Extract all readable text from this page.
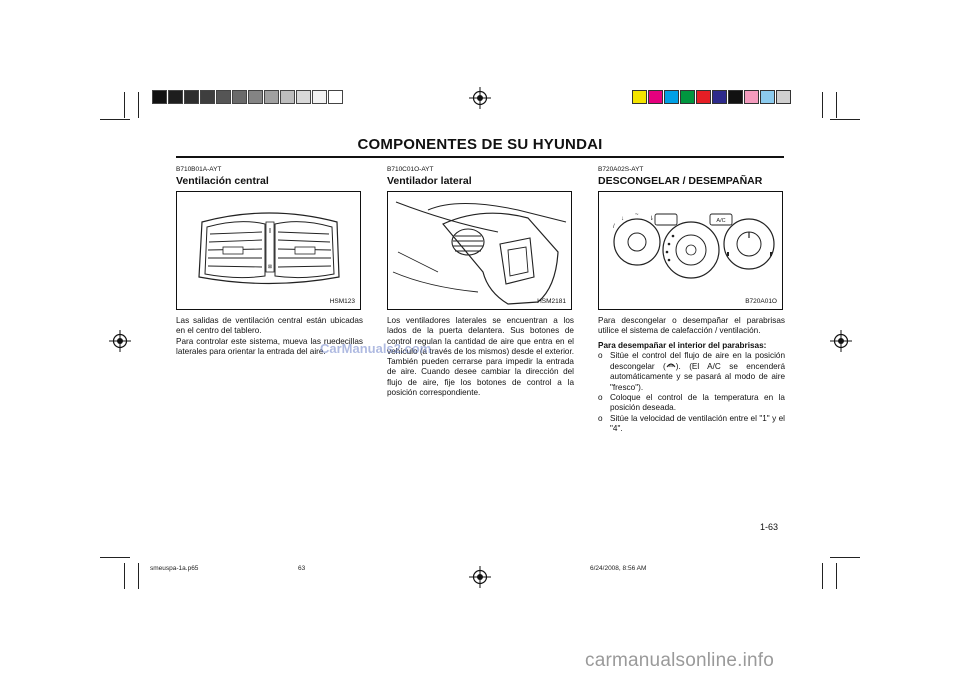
COMPONENTES DE SU HYUNDAI
B710B01A-AYT
Ventilación central
||
⊠
HSM123

Las salidas de ventilación central están ubicadas en el centro del tablero.

Para controlar este sistema, mueva las ruedecillas laterales para orientar la entrada del aire.

B710C01O-AYT
Ventilador lateral
HSM2181

Los ventiladores laterales se encuentran a los lados de la puerta delantera. Sus botones de control regulan la cantidad de aire que entra en el vehículo (a través de los mismos) desde el exterior. También pueden cerrarse para impedir la entrada de aire. Cuando desee cambiar la dirección del flujo de aire, fije los botones de control a la posición correspondiente.

B720A02S-AYT
DESCONGELAR / DESEMPAÑAR
/
↓
~
⇂	A/C
B720A01O

Para descongelar o desempañar el parabrisas utilice el sistema de calefacción / ventilación.

Para desempañar el interior del parabrisas:

o Sitúe el control del flujo de aire en la posición descongelar ( ). (El A/C se encenderá automáticamente y se pasará al modo de aire "fresco").
o Coloque el control de la temperatura en la posición deseada.
o Sitúe la velocidad de ventilación entre el "1" y el "4".
CarManuals2.com
1-63
smeuspa-1a.p65	63	6/24/2008, 8:56 AM
carmanualsonline.info
